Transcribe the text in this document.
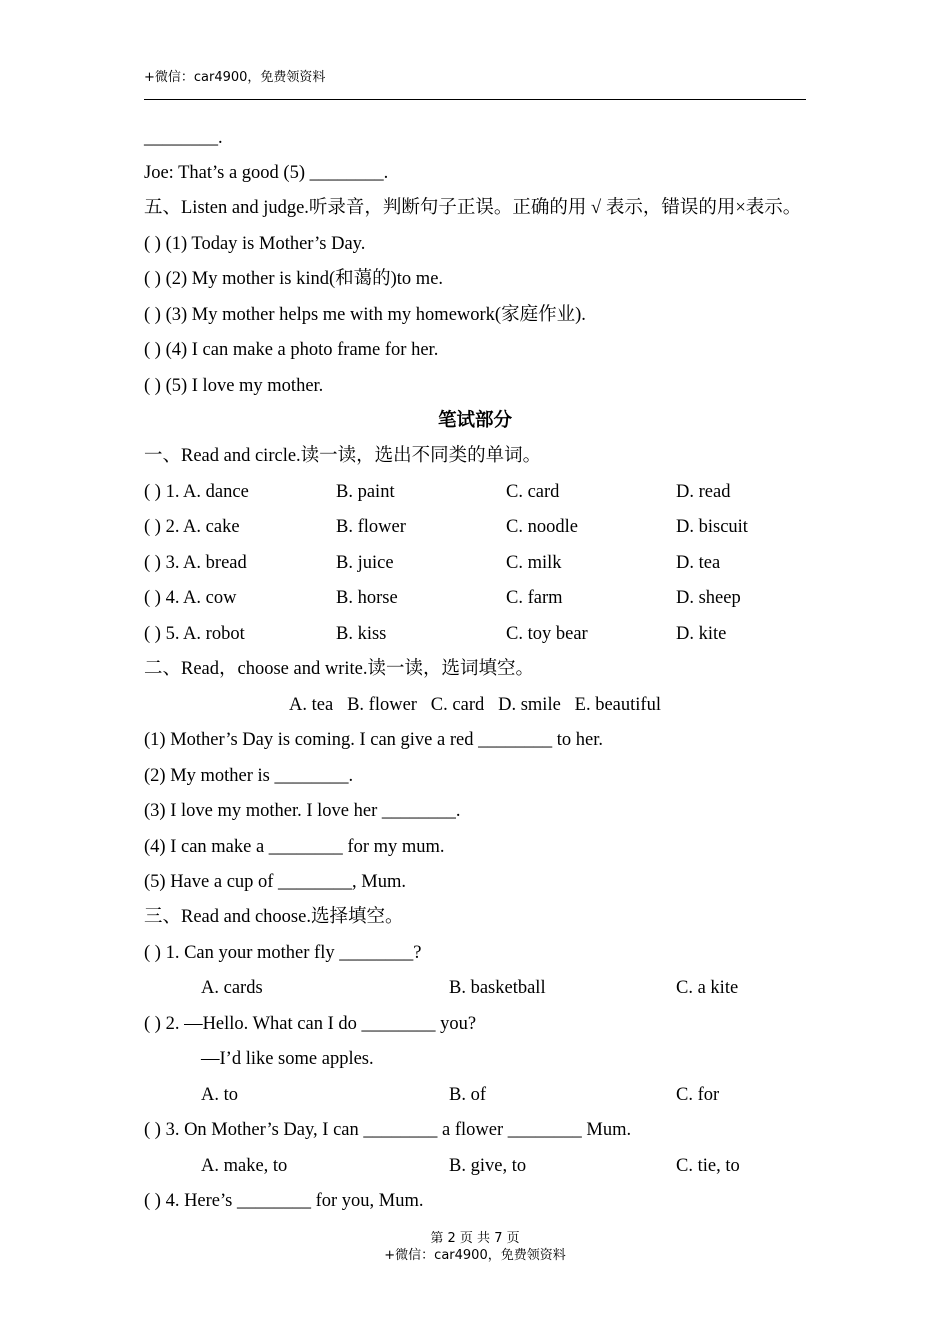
+微信：car4900，免费领资料
________.
Joe: That’s a good (5) ________.
五、Listen and judge.听录音，判断句子正误。正确的用 √ 表示，错误的用×表示。
( ) (1) Today is Mother’s Day.
( ) (2) My mother is kind(和蔼的)to me.
( ) (3) My mother helps me with my homework(家庭作业).
( ) (4) I can make a photo frame for her.
( ) (5) I love my mother.
笔试部分
一、Read and circle.读一读，选出不同类的单词。
( ) 1. A. dance	B. paint	C. card	D. read
( ) 2. A. cake	B. flower	C. noodle	D. biscuit
( ) 3. A. bread	B. juice	C. milk	D. tea
( ) 4. A. cow	B. horse	C. farm	D. sheep
( ) 5. A. robot	B. kiss	C. toy bear	D. kite
二、Read，choose and write.读一读，选词填空。
A. tea   B. flower   C. card   D. smile   E. beautiful
(1) Mother’s Day is coming. I can give a red ________ to her.
(2) My mother is ________.
(3) I love my mother. I love her ________.
(4) I can make a ________ for my mum.
(5) Have a cup of ________, Mum.
三、Read and choose.选择填空。
( ) 1. Can your mother fly ________?
A. cards	B. basketball	C. a kite
( ) 2. —Hello. What can I do ________ you?
—I’d like some apples.
A. to	B. of	C. for
( ) 3. On Mother’s Day, I can ________ a flower ________ Mum.
A. make, to	B. give, to	C. tie, to
( ) 4. Here’s ________ for you, Mum.
第 2 页 共 7 页
+微信：car4900，免费领资料
